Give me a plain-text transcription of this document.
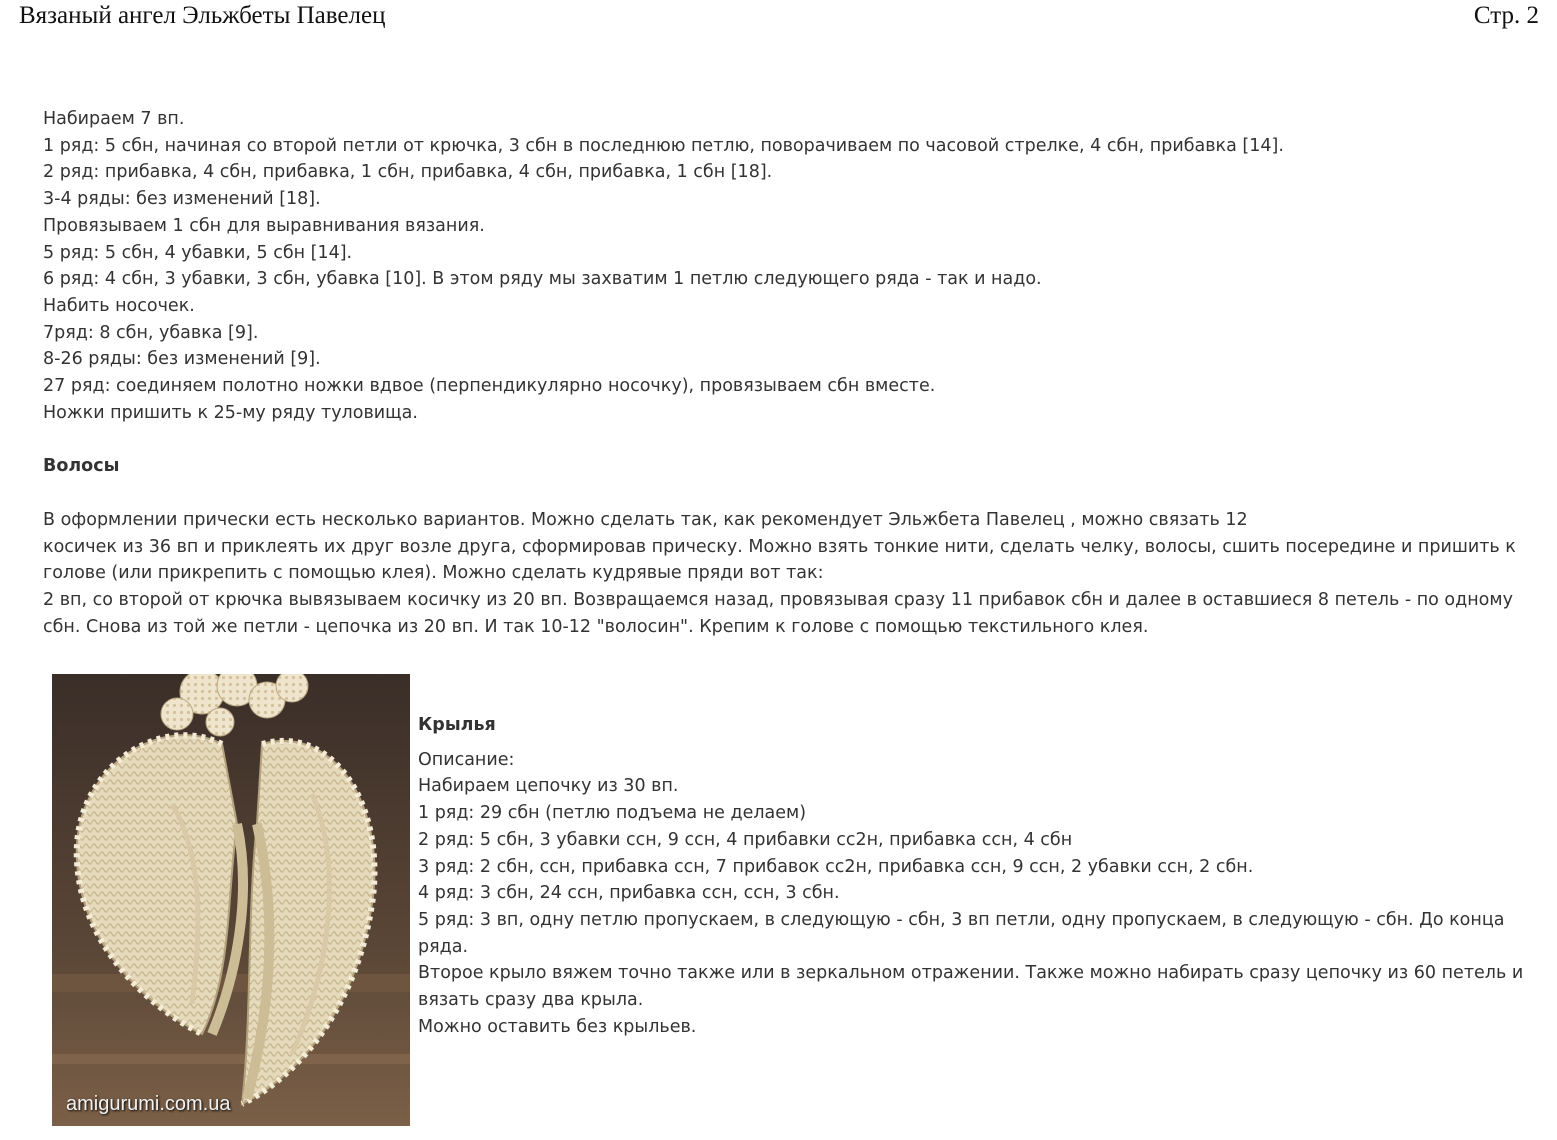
Вязаный ангел Эльжбеты Павелец	Стр. 2
Набираем 7 вп.
1 ряд: 5 сбн, начиная со второй петли от крючка, 3 сбн в последнюю петлю, поворачиваем по часовой стрелке, 4 сбн, прибавка [14].
2 ряд: прибавка, 4 сбн, прибавка, 1 сбн, прибавка, 4 сбн, прибавка, 1 сбн [18].
3-4 ряды: без изменений [18].
Провязываем 1 сбн для выравнивания вязания.
5 ряд: 5 сбн, 4 убавки, 5 сбн [14].
6 ряд: 4 сбн, 3 убавки, 3 сбн, убавка [10]. В этом ряду мы захватим 1 петлю следующего ряда - так и надо.
Набить носочек.
7ряд: 8 сбн, убавка [9].
8-26 ряды: без изменений [9].
27 ряд: соединяем полотно ножки вдвое (перпендикулярно носочку), провязываем сбн вместе.
Ножки пришить к 25-му ряду туловища.
Волосы
В оформлении прически есть несколько вариантов. Можно сделать так, как рекомендует Эльжбета Павелец , можно связать 12
косичек из 36 вп и приклеять их друг возле друга, сформировав прическу. Можно взять тонкие нити, сделать челку, волосы, сшить посередине и пришить к
голове (или прикрепить с помощью клея). Можно сделать кудрявые пряди вот так:
2 вп, со второй от крючка вывязываем косичку из 20 вп. Возвращаемся назад, провязывая сразу 11 прибавок сбн и далее в оставшиеся 8 петель - по одному
сбн. Снова из той же петли - цепочка из 20 вп. И так 10-12 "волосин". Крепим к голове с помощью текстильного клея.
amigurumi.com.ua
Крылья
Описание:
Набираем цепочку из 30 вп.
1 ряд: 29 сбн (петлю подъема не делаем)
2 ряд: 5 сбн, 3 убавки ссн, 9 ссн, 4 прибавки сс2н, прибавка ссн, 4 сбн
3 ряд: 2 сбн, ссн, прибавка ссн, 7 прибавок сс2н, прибавка ссн, 9 ссн, 2 убавки ссн, 2 сбн.
4 ряд: 3 сбн, 24 ссн, прибавка ссн, ссн, 3 сбн.
5 ряд: 3 вп, одну петлю пропускаем, в следующую - сбн, 3 вп петли, одну пропускаем, в следующую - сбн. До конца ряда.
Второе крыло вяжем точно также или в зеркальном отражении. Также можно набирать сразу цепочку из 60 петель и вязать сразу два крыла.
Можно оставить без крыльев.
